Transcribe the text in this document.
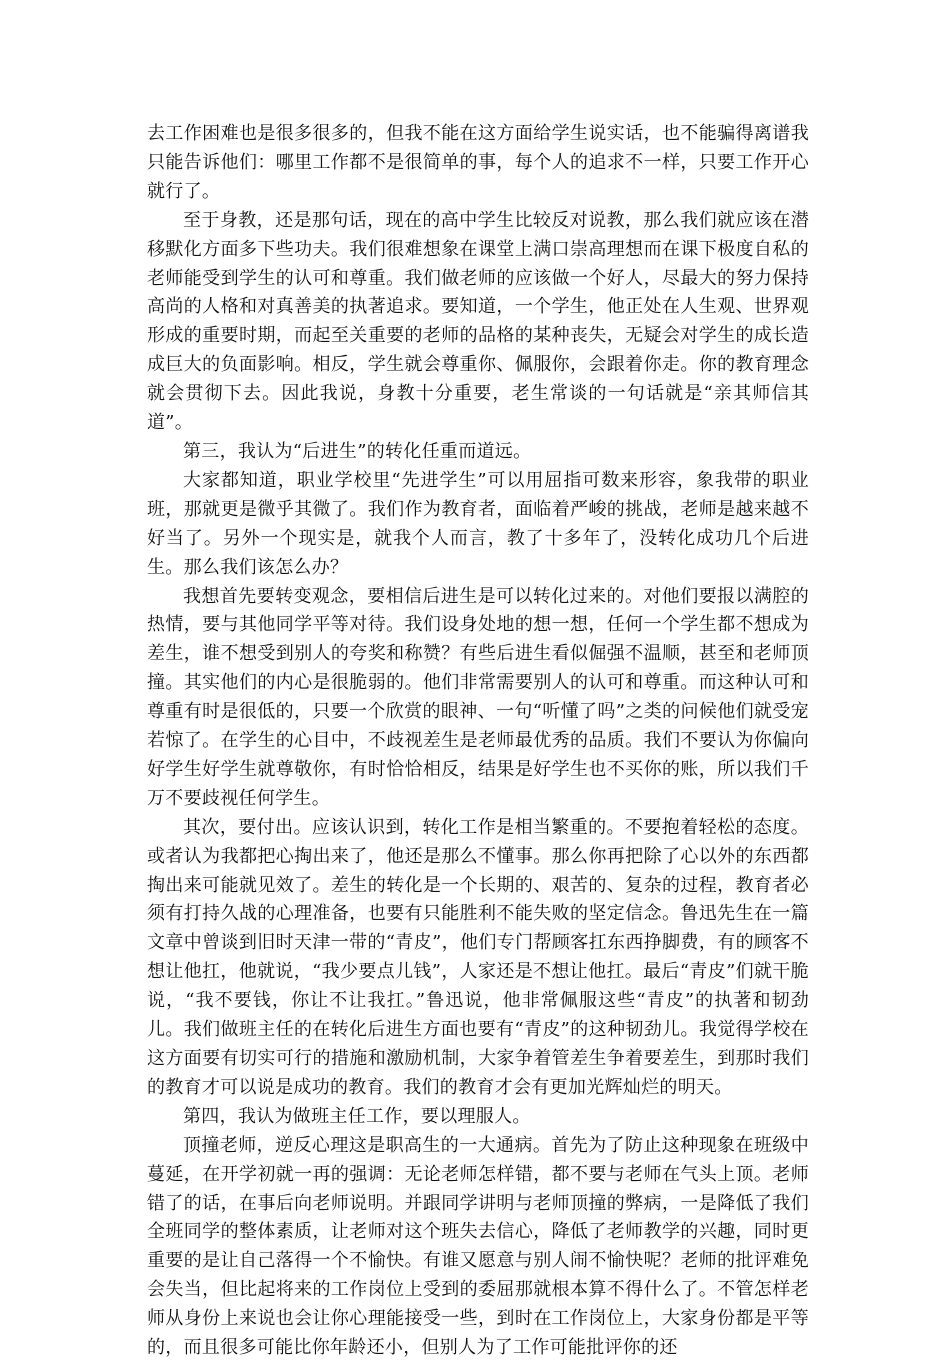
去工作困难也是很多很多的，但我不能在这方面给学生说实话，也不能骗得离谱我只能告诉他们：哪里工作都不是很简单的事，每个人的追求不一样，只要工作开心就行了。

至于身教，还是那句话，现在的高中学生比较反对说教，那么我们就应该在潜移默化方面多下些功夫。我们很难想象在课堂上满口崇高理想而在课下极度自私的老师能受到学生的认可和尊重。我们做老师的应该做一个好人，尽最大的努力保持高尚的人格和对真善美的执著追求。要知道，一个学生，他正处在人生观、世界观形成的重要时期，而起至关重要的老师的品格的某种丧失，无疑会对学生的成长造成巨大的负面影响。相反，学生就会尊重你、佩服你，会跟着你走。你的教育理念就会贯彻下去。因此我说，身教十分重要，老生常谈的一句话就是“亲其师信其道”。

第三，我认为“后进生”的转化任重而道远。

大家都知道，职业学校里“先进学生”可以用屈指可数来形容，象我带的职业班，那就更是微乎其微了。我们作为教育者，面临着严峻的挑战，老师是越来越不好当了。另外一个现实是，就我个人而言，教了十多年了，没转化成功几个后进生。那么我们该怎么办？

我想首先要转变观念，要相信后进生是可以转化过来的。对他们要报以满腔的热情，要与其他同学平等对待。我们设身处地的想一想，任何一个学生都不想成为差生，谁不想受到别人的夸奖和称赞？有些后进生看似倔强不温顺，甚至和老师顶撞。其实他们的内心是很脆弱的。他们非常需要别人的认可和尊重。而这种认可和尊重有时是很低的，只要一个欣赏的眼神、一句“听懂了吗”之类的问候他们就受宠若惊了。在学生的心目中，不歧视差生是老师最优秀的品质。我们不要认为你偏向好学生好学生就尊敬你，有时恰恰相反，结果是好学生也不买你的账，所以我们千万不要歧视任何学生。

其次，要付出。应该认识到，转化工作是相当繁重的。不要抱着轻松的态度。或者认为我都把心掏出来了，他还是那么不懂事。那么你再把除了心以外的东西都掏出来可能就见效了。差生的转化是一个长期的、艰苦的、复杂的过程，教育者必须有打持久战的心理准备，也要有只能胜利不能失败的坚定信念。鲁迅先生在一篇文章中曾谈到旧时天津一带的“青皮”，他们专门帮顾客扛东西挣脚费，有的顾客不想让他扛，他就说，“我少要点儿钱”，人家还是不想让他扛。最后“青皮”们就干脆说，“我不要钱，你让不让我扛。”鲁迅说，他非常佩服这些“青皮”的执著和韧劲儿。我们做班主任的在转化后进生方面也要有“青皮”的这种韧劲儿。我觉得学校在这方面要有切实可行的措施和激励机制，大家争着管差生争着要差生，到那时我们的教育才可以说是成功的教育。我们的教育才会有更加光辉灿烂的明天。

第四，我认为做班主任工作，要以理服人。

顶撞老师，逆反心理这是职高生的一大通病。首先为了防止这种现象在班级中蔓延，在开学初就一再的强调：无论老师怎样错，都不要与老师在气头上顶。老师错了的话，在事后向老师说明。并跟同学讲明与老师顶撞的弊病，一是降低了我们全班同学的整体素质，让老师对这个班失去信心，降低了老师教学的兴趣，同时更重要的是让自己落得一个不愉快。有谁又愿意与别人闹不愉快呢？老师的批评难免会失当，但比起将来的工作岗位上受到的委屈那就根本算不得什么了。不管怎样老师从身份上来说也会让你心理能接受一些，到时在工作岗位上，大家身份都是平等的，而且很多可能比你年龄还小，但别人为了工作可能批评你的还
